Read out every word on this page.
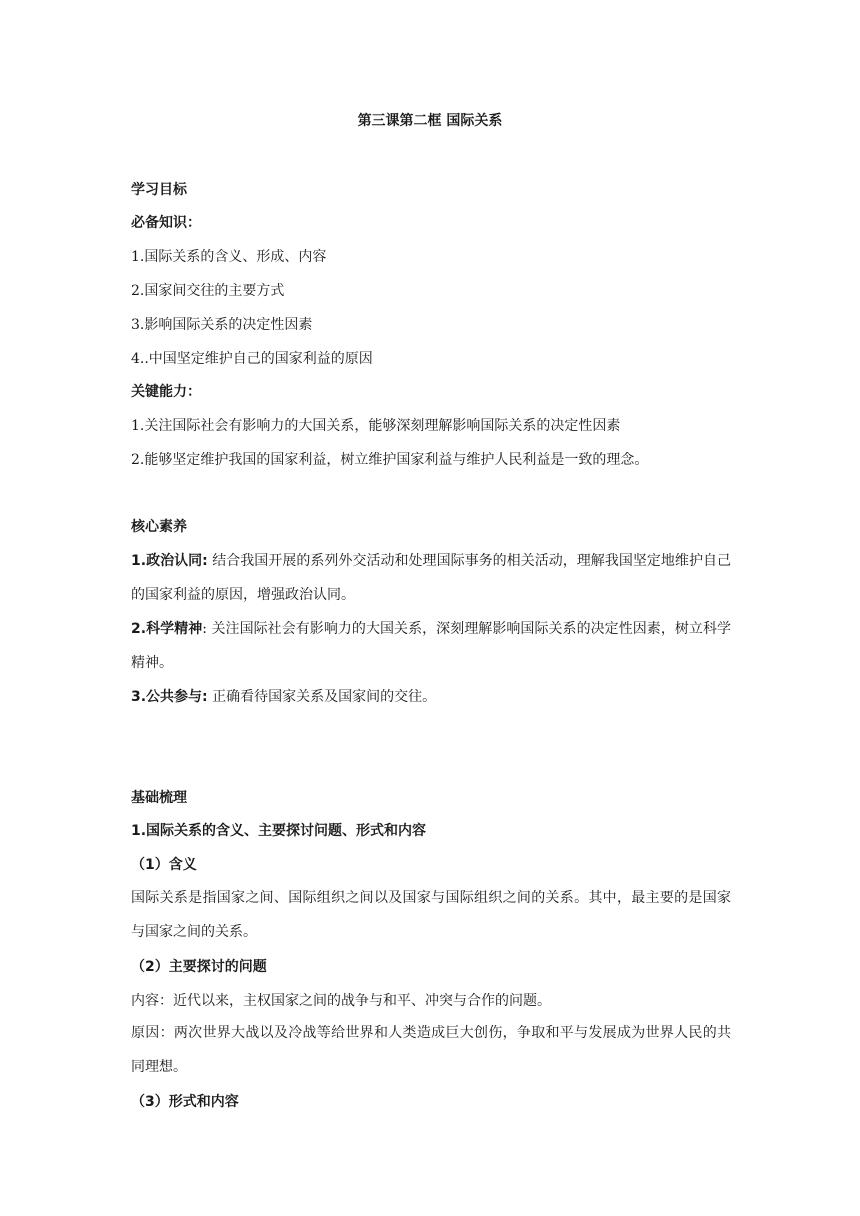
第三课第二框 国际关系
学习目标
必备知识：
1.国际关系的含义、形成、内容
2.国家间交往的主要方式
3.影响国际关系的决定性因素
4..中国坚定维护自己的国家利益的原因
关键能力：
1.关注国际社会有影响力的大国关系，能够深刻理解影响国际关系的决定性因素
2.能够坚定维护我国的国家利益，树立维护国家利益与维护人民利益是一致的理念。
核心素养
1.政治认同: 结合我国开展的系列外交活动和处理国际事务的相关活动，理解我国坚定地维护自己的国家利益的原因，增强政治认同。
2.科学精神: 关注国际社会有影响力的大国关系，深刻理解影响国际关系的决定性因素，树立科学精神。
3.公共参与: 正确看待国家关系及国家间的交往。
基础梳理
1.国际关系的含义、主要探讨问题、形式和内容
（1）含义
国际关系是指国家之间、国际组织之间以及国家与国际组织之间的关系。其中，最主要的是国家与国家之间的关系。
（2）主要探讨的问题
内容：近代以来，主权国家之间的战争与和平、冲突与合作的问题。
原因：两次世界大战以及冷战等给世界和人类造成巨大创伤，争取和平与发展成为世界人民的共同理想。
（3）形式和内容
